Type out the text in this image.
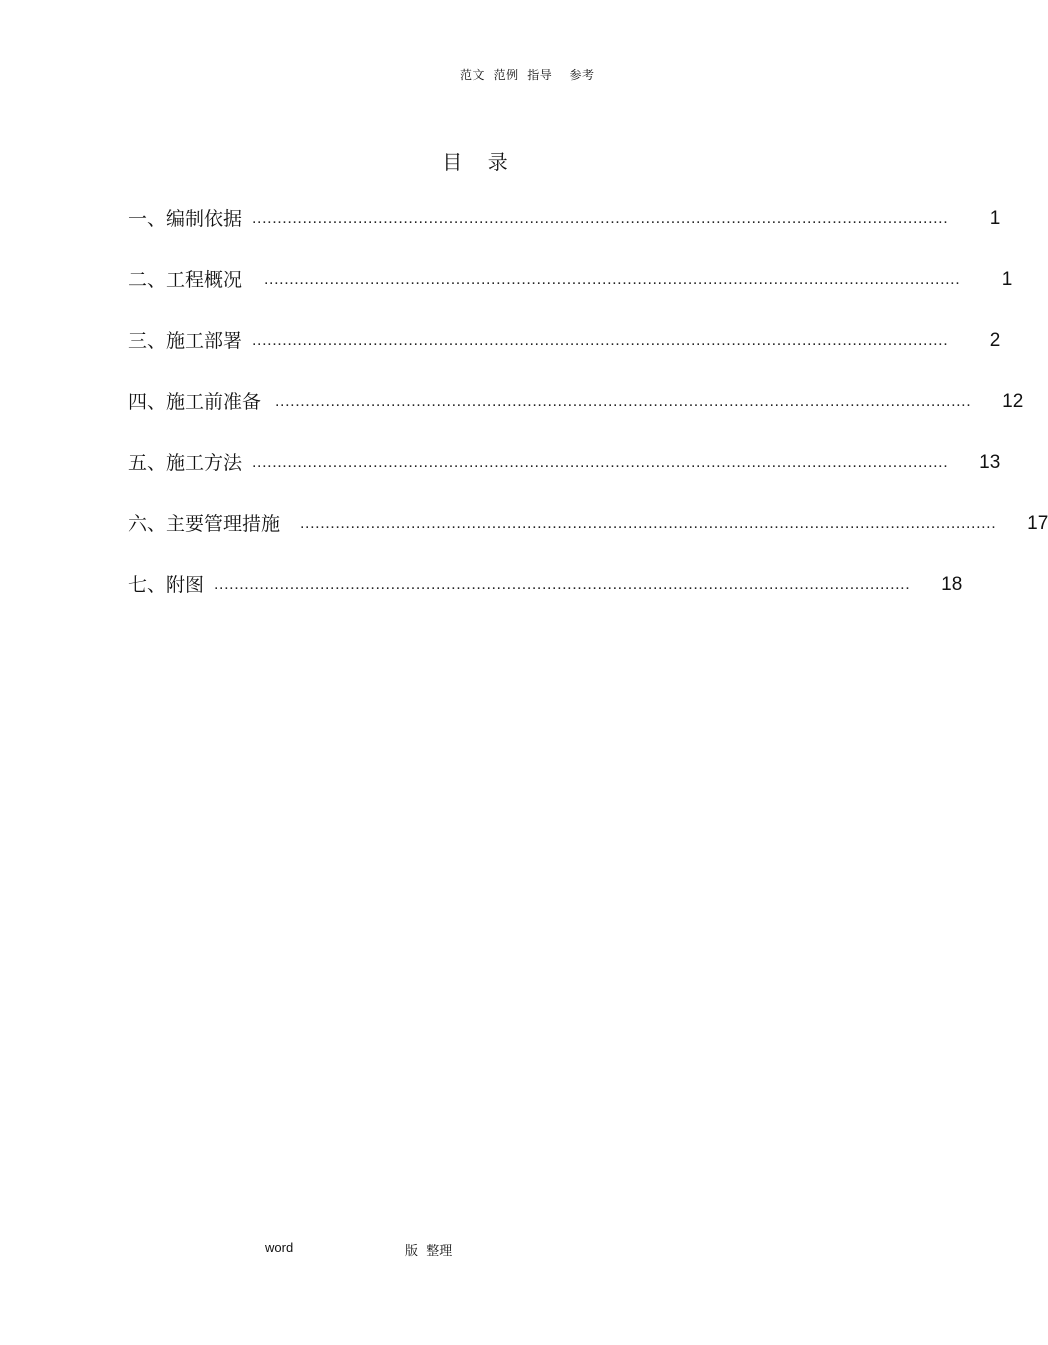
范文  范例  指导    参考
目    录
一、编制依据 ..........................................................................................................................................	1
二、工程概况 ..........................................................................................................................................	1
三、施工部署 ..........................................................................................................................................	2
四、施工前准备 .......................................................................................................................................... 12
五、施工方法 .......................................................................................................................................... 13
六、主要管理措施 .......................................................................................................................................... 17
七、附图 .......................................................................................................................................... 18
word	版  整理
